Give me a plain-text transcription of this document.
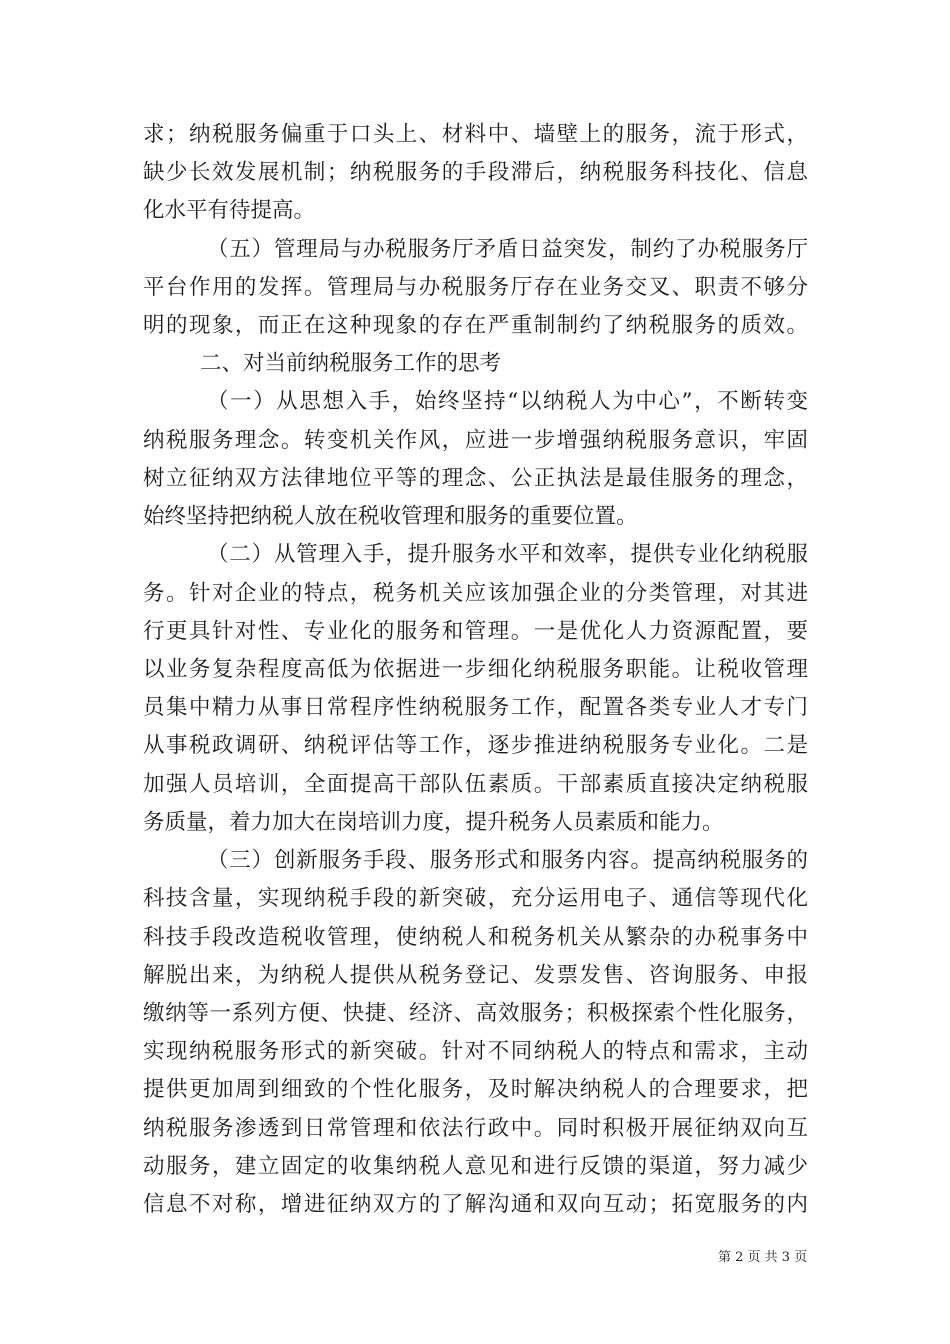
求；纳税服务偏重于口头上、材料中、墙壁上的服务，流于形式，
缺少长效发展机制；纳税服务的手段滞后，纳税服务科技化、信息
化水平有待提高。
（五）管理局与办税服务厅矛盾日益突发，制约了办税服务厅
平台作用的发挥。管理局与办税服务厅存在业务交叉、职责不够分
明的现象，而正在这种现象的存在严重制制约了纳税服务的质效。
二、对当前纳税服务工作的思考
（一）从思想入手，始终坚持“以纳税人为中心”，不断转变
纳税服务理念。转变机关作风，应进一步增强纳税服务意识，牢固
树立征纳双方法律地位平等的理念、公正执法是最佳服务的理念，
始终坚持把纳税人放在税收管理和服务的重要位置。
（二）从管理入手，提升服务水平和效率，提供专业化纳税服
务。针对企业的特点，税务机关应该加强企业的分类管理，对其进
行更具针对性、专业化的服务和管理。一是优化人力资源配置，要
以业务复杂程度高低为依据进一步细化纳税服务职能。让税收管理
员集中精力从事日常程序性纳税服务工作，配置各类专业人才专门
从事税政调研、纳税评估等工作，逐步推进纳税服务专业化。二是
加强人员培训，全面提高干部队伍素质。干部素质直接决定纳税服
务质量，着力加大在岗培训力度，提升税务人员素质和能力。
（三）创新服务手段、服务形式和服务内容。提高纳税服务的
科技含量，实现纳税手段的新突破，充分运用电子、通信等现代化
科技手段改造税收管理，使纳税人和税务机关从繁杂的办税事务中
解脱出来，为纳税人提供从税务登记、发票发售、咨询服务、申报
缴纳等一系列方便、快捷、经济、高效服务；积极探索个性化服务，
实现纳税服务形式的新突破。针对不同纳税人的特点和需求，主动
提供更加周到细致的个性化服务，及时解决纳税人的合理要求，把
纳税服务渗透到日常管理和依法行政中。同时积极开展征纳双向互
动服务，建立固定的收集纳税人意见和进行反馈的渠道，努力减少
信息不对称，增进征纳双方的了解沟通和双向互动；拓宽服务的内
第 2 页 共 3 页
